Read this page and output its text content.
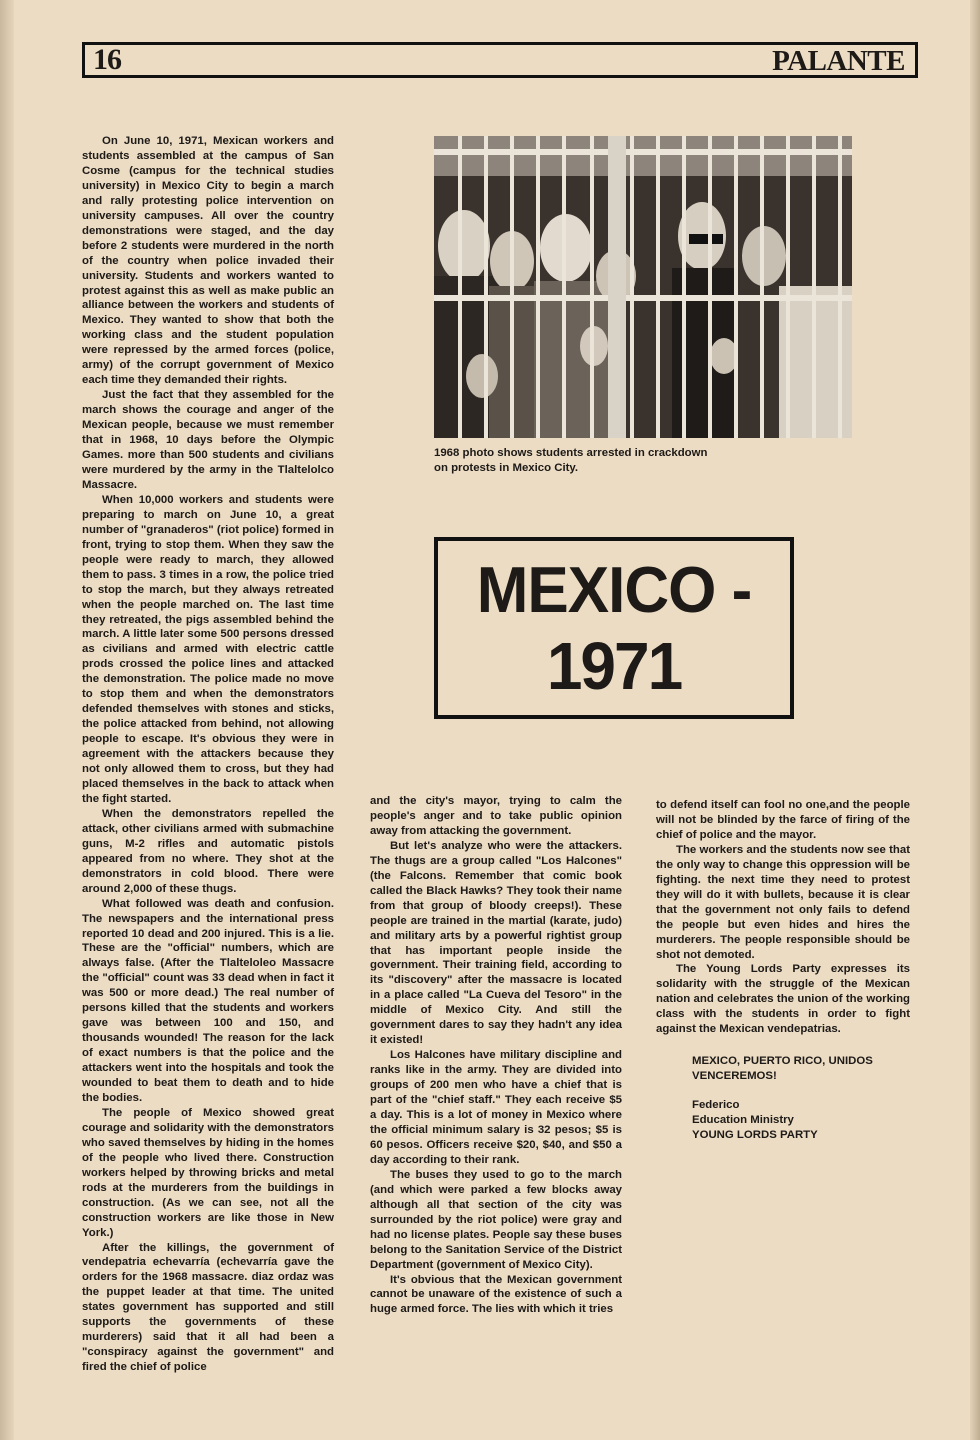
16	PALANTE

On June 10, 1971, Mexican workers and students assembled at the campus of San Cosme (campus for the technical studies university) in Mexico City to begin a march and rally protesting police intervention on university campuses. All over the country demonstrations were staged, and the day before 2 students were murdered in the north of the country when police invaded their university. Students and workers wanted to protest against this as well as make public an alliance between the workers and students of Mexico. They wanted to show that both the working class and the student population were repressed by the armed forces (police, army) of the corrupt government of Mexico each time they demanded their rights.

Just the fact that they assembled for the march shows the courage and anger of the Mexican people, because we must remember that in 1968, 10 days before the Olympic Games. more than 500 students and civilians were murdered by the army in the Tlaltelolco Massacre.

When 10,000 workers and students were preparing to march on June 10, a great number of "granaderos" (riot police) formed in front, trying to stop them. When they saw the people were ready to march, they allowed them to pass. 3 times in a row, the police tried to stop the march, but they always retreated when the people marched on. The last time they retreated, the pigs assembled behind the march. A little later some 500 persons dressed as civilians and armed with electric cattle prods crossed the police lines and attacked the demonstration. The police made no move to stop them and when the demonstrators defended themselves with stones and sticks, the police attacked from behind, not allowing people to escape. It's obvious they were in agreement with the attackers because they not only allowed them to cross, but they had placed themselves in the back to attack when the fight started.

When the demonstrators repelled the attack, other civilians armed with submachine guns, M-2 rifles and automatic pistols appeared from no where. They shot at the demonstrators in cold blood. There were around 2,000 of these thugs.

What followed was death and confusion. The newspapers and the international press reported 10 dead and 200 injured. This is a lie. These are the "official" numbers, which are always false. (After the Tlalteloleo Massacre the "official" count was 33 dead when in fact it was 500 or more dead.) The real number of persons killed that the students and workers gave was between 100 and 150, and thousands wounded! The reason for the lack of exact numbers is that the police and the attackers went into the hospitals and took the wounded to beat them to death and to hide the bodies.

The people of Mexico showed great courage and solidarity with the demonstrators who saved themselves by hiding in the homes of the people who lived there. Construction workers helped by throwing bricks and metal rods at the murderers from the buildings in construction. (As we can see, not all the construction workers are like those in New York.)

After the killings, the government of vendepatria echevarría (echevarría gave the orders for the 1968 massacre. diaz ordaz was the puppet leader at that time. The united states government has supported and still supports the governments of these murderers) said that it all had been a "conspiracy against the government" and fired the chief of police

1968 photo shows students arrested in crackdown
on protests in Mexico City.
MEXICO -
1971

and the city's mayor, trying to calm the people's anger and to take public opinion away from attacking the government.

But let's analyze who were the attackers. The thugs are a group called "Los Halcones" (the Falcons. Remember that comic book called the Black Hawks? They took their name from that group of bloody creeps!). These people are trained in the martial (karate, judo) and military arts by a powerful rightist group that has important people inside the government. Their training field, according to its "discovery" after the massacre is located in a place called "La Cueva del Tesoro" in the middle of Mexico City. And still the government dares to say they hadn't any idea it existed!

Los Halcones have military discipline and ranks like in the army. They are divided into groups of 200 men who have a chief that is part of the "chief staff." They each receive $5 a day. This is a lot of money in Mexico where the official minimum salary is 32 pesos; $5 is 60 pesos. Officers receive $20, $40, and $50 a day according to their rank.

The buses they used to go to the march (and which were parked a few blocks away although all that section of the city was surrounded by the riot police) were gray and had no license plates. People say these buses belong to the Sanitation Service of the District Department (government of Mexico City).

It's obvious that the Mexican government cannot be unaware of the existence of such a huge armed force. The lies with which it tries

to defend itself can fool no one,and the people will not be blinded by the farce of firing of the chief of police and the mayor.

The workers and the students now see that the only way to change this oppression will be fighting. the next time they need to protest they will do it with bullets, because it is clear that the government not only fails to defend the people but even hides and hires the murderers. The people responsible should be shot not demoted.

The Young Lords Party expresses its solidarity with the struggle of the Mexican nation and celebrates the union of the working class with the students in order to fight against the Mexican vendepatrias.

MEXICO, PUERTO RICO, UNIDOS VENCEREMOS!
Federico
Education Ministry
YOUNG LORDS PARTY
